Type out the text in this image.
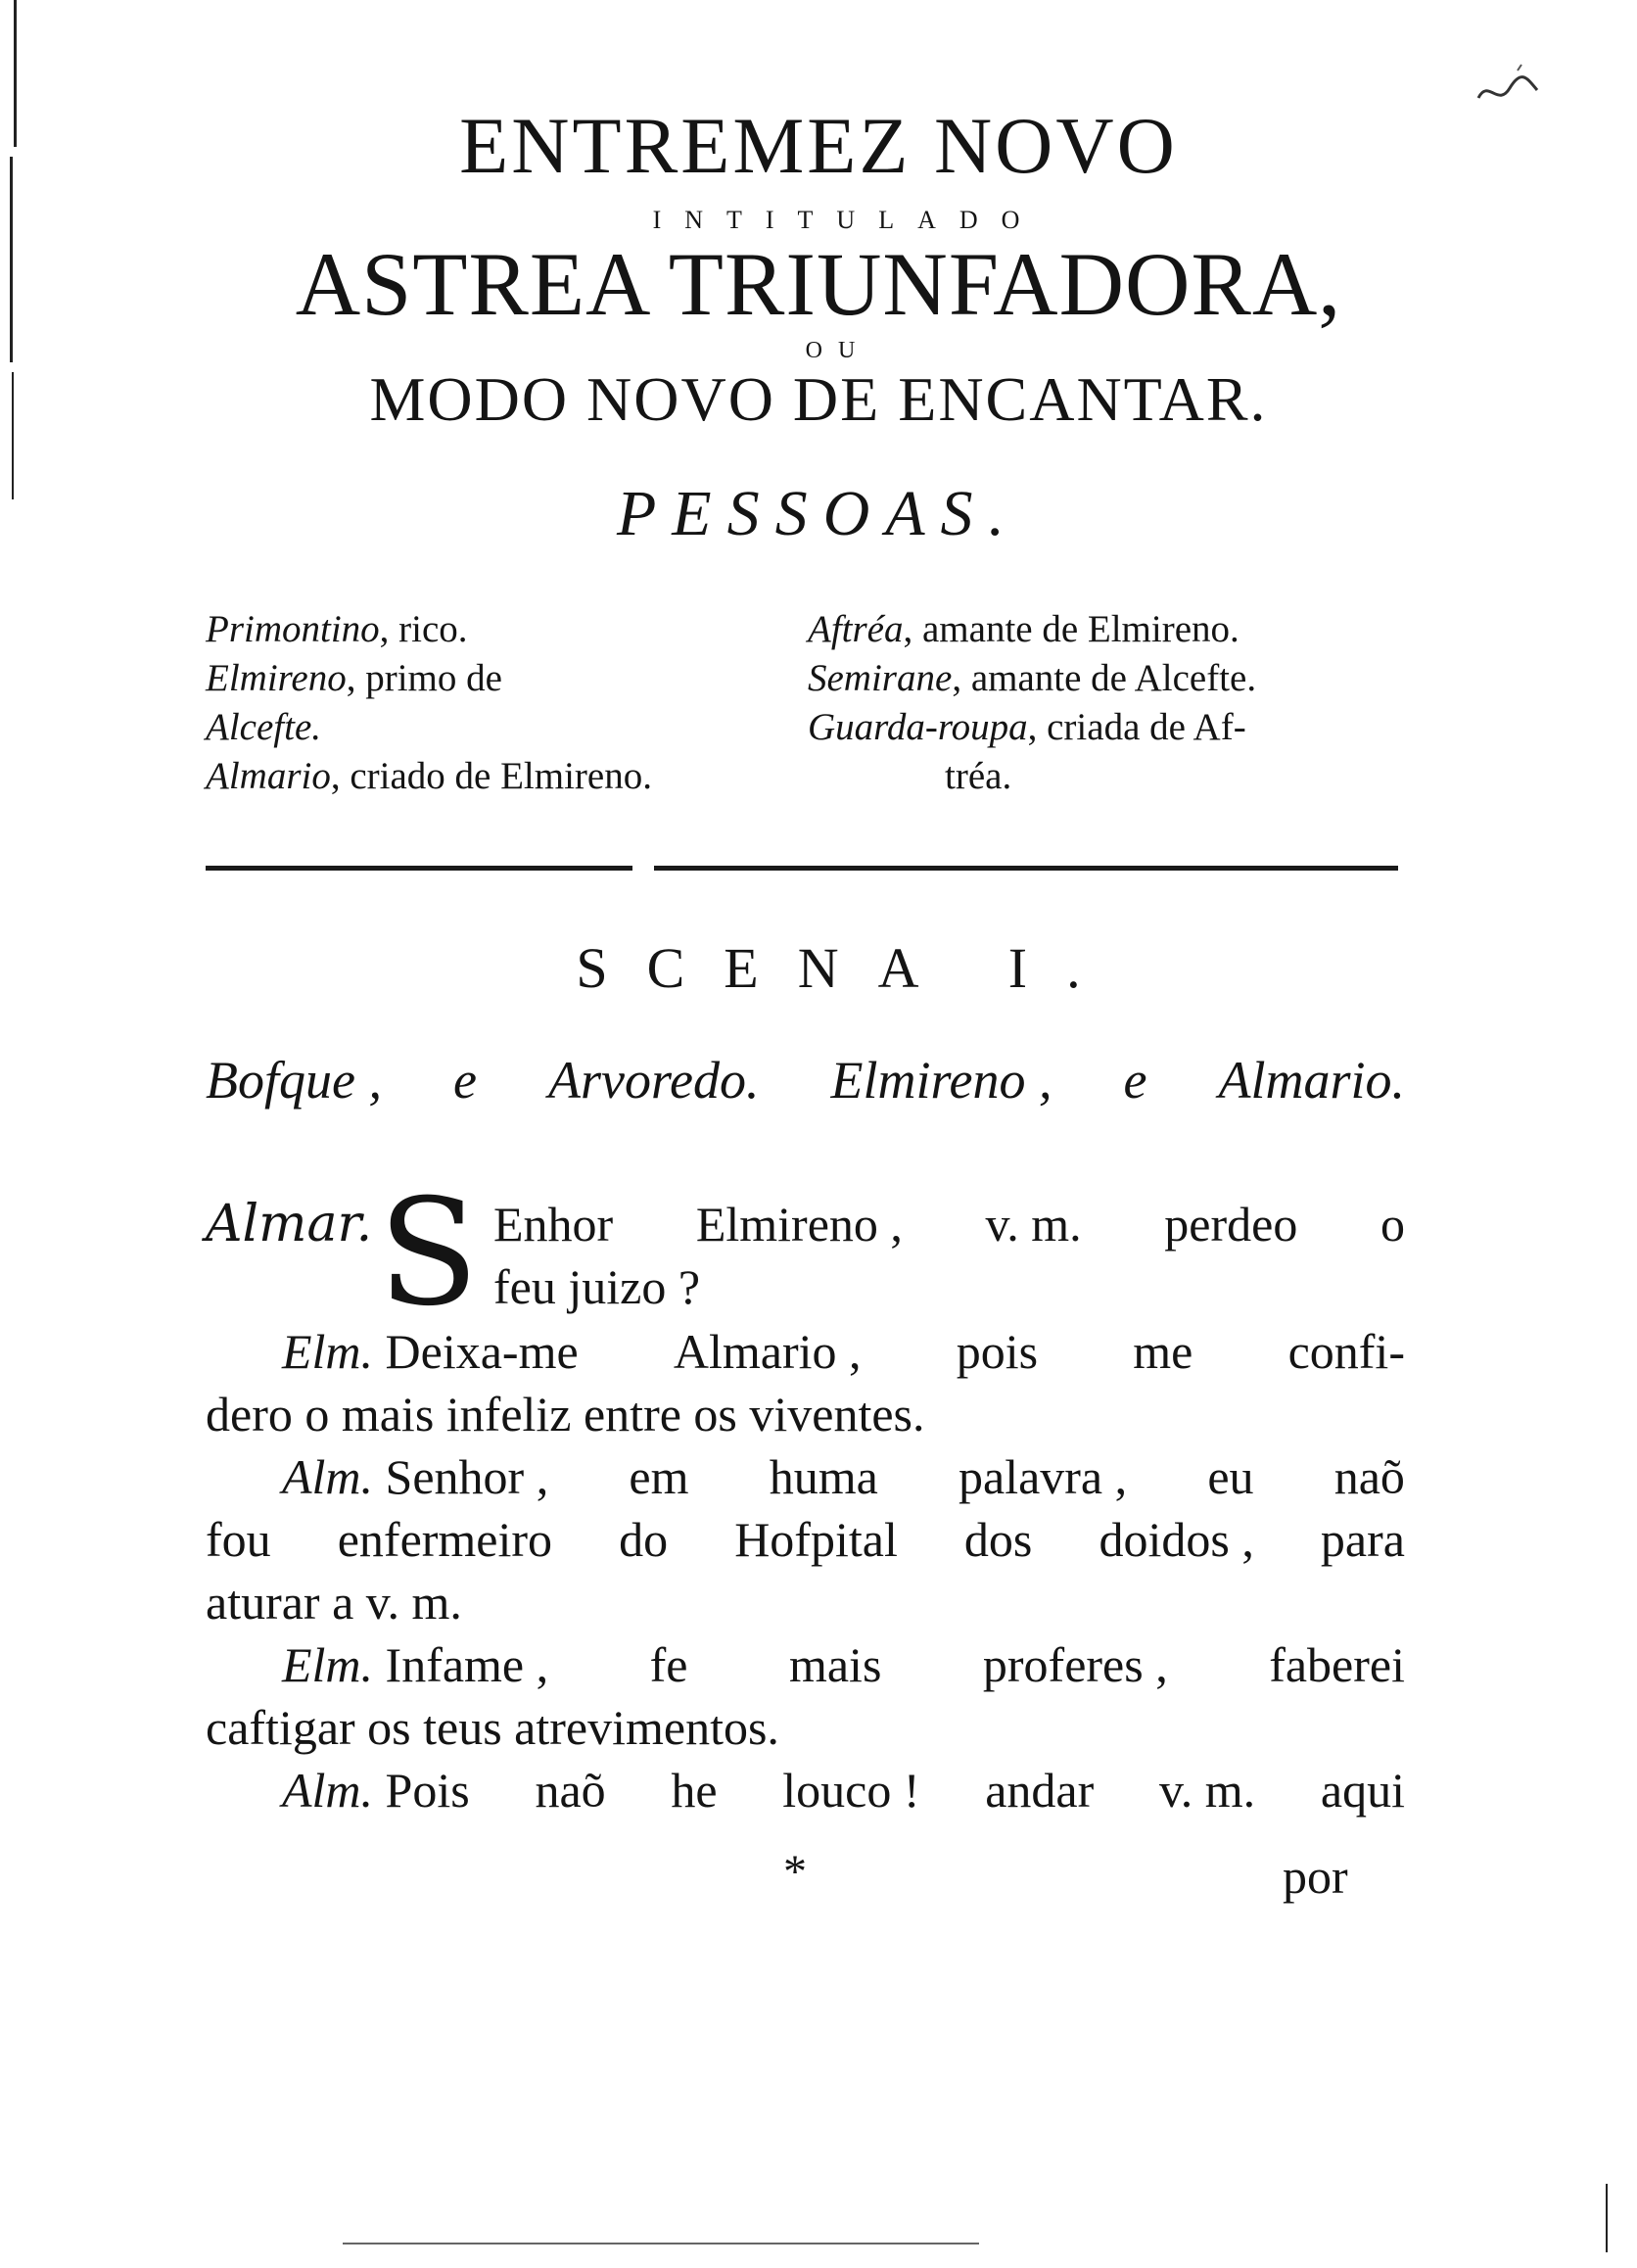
ENTREMEZ NOVO
INTITULADO
ASTREA TRIUNFADORA,
OU
MODO NOVO DE ENCANTAR.
PESSOAS.
Primontino, rico.
Elmireno, primo de
Alcefte.
Almario, criado de Elmireno.
Aftréa, amante de Elmireno.
Semirane, amante de Alcefte.
Guarda-roupa, criada de Af-
tréa.
SCENA I.
Bofque , e Arvoredo. Elmireno , e Almario.
Almar. S Enhor Elmireno , v. m. perdeo o
feu juizo ?
Elm. Deixa-me Almario , pois me confi-
dero o mais infeliz entre os viventes.
Alm. Senhor , em huma palavra , eu naõ
fou enfermeiro do Hofpital dos doidos , para
aturar a v. m.
Elm. Infame , fe mais proferes , faberei
caftigar os teus atrevimentos.
Alm. Pois naõ he louco ! andar v. m. aqui
*	por
